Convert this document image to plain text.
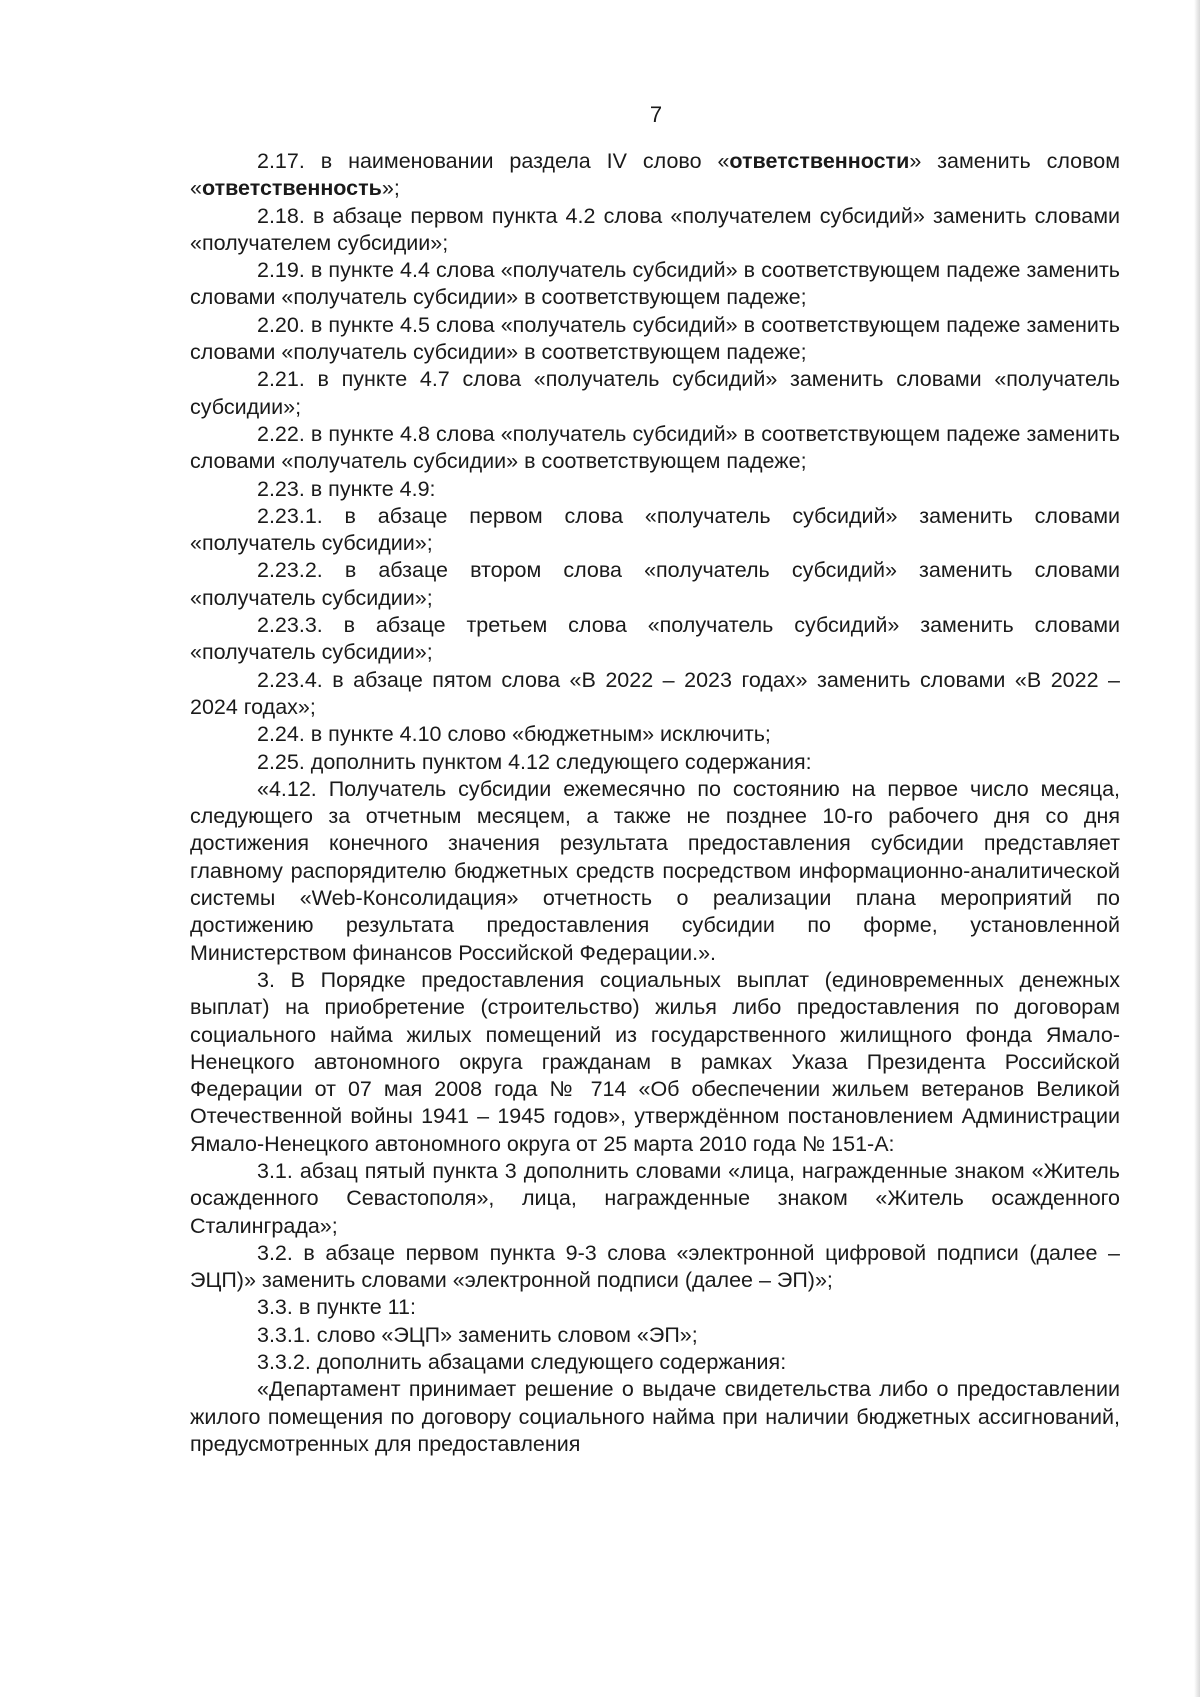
7

2.17. в наименовании раздела IV слово «ответственности» заменить словом «ответственность»;

2.18. в абзаце первом пункта 4.2 слова «получателем субсидий» заменить словами «получателем субсидии»;

2.19. в пункте 4.4 слова «получатель субсидий» в соответствующем падеже заменить словами «получатель субсидии» в соответствующем падеже;

2.20. в пункте 4.5 слова «получатель субсидий» в соответствующем падеже заменить словами «получатель субсидии» в соответствующем падеже;

2.21. в пункте 4.7 слова «получатель субсидий» заменить словами «получатель субсидии»;

2.22. в пункте 4.8 слова «получатель субсидий» в соответствующем падеже заменить словами «получатель субсидии» в соответствующем падеже;

2.23. в пункте 4.9:

2.23.1. в абзаце первом слова «получатель субсидий» заменить словами «получатель субсидии»;

2.23.2. в абзаце втором слова «получатель субсидий» заменить словами «получатель субсидии»;

2.23.3. в абзаце третьем слова «получатель субсидий» заменить словами «получатель субсидии»;

2.23.4. в абзаце пятом слова «В 2022 – 2023 годах» заменить словами «В 2022 – 2024 годах»;

2.24. в пункте 4.10 слово «бюджетным» исключить;

2.25. дополнить пунктом 4.12 следующего содержания:

«4.12. Получатель субсидии ежемесячно по состоянию на первое число месяца, следующего за отчетным месяцем, а также не позднее 10-го рабочего дня со дня достижения конечного значения результата предоставления субсидии представляет главному распорядителю бюджетных средств посредством информационно-аналитической системы «Web-Консолидация» отчетность о реализации плана мероприятий по достижению результата предоставления субсидии по форме, установленной Министерством финансов Российской Федерации.».

3. В Порядке предоставления социальных выплат (единовременных денежных выплат) на приобретение (строительство) жилья либо предоставления по договорам социального найма жилых помещений из государственного жилищного фонда Ямало-Ненецкого автономного округа гражданам в рамках Указа Президента Российской Федерации от 07 мая 2008 года № 714 «Об обеспечении жильем ветеранов Великой Отечественной войны 1941 – 1945 годов», утверждённом постановлением Администрации Ямало-Ненецкого автономного округа от 25 марта 2010 года № 151-А:

3.1. абзац пятый пункта 3 дополнить словами «лица, награжденные знаком «Житель осажденного Севастополя», лица, награжденные знаком «Житель осажденного Сталинграда»;

3.2. в абзаце первом пункта 9-3 слова «электронной цифровой подписи (далее – ЭЦП)» заменить словами «электронной подписи (далее – ЭП)»;

3.3. в пункте 11:

3.3.1. слово «ЭЦП» заменить словом «ЭП»;

3.3.2. дополнить абзацами следующего содержания:

«Департамент принимает решение о выдаче свидетельства либо о предоставлении жилого помещения по договору социального найма при наличии бюджетных ассигнований, предусмотренных для предоставления
